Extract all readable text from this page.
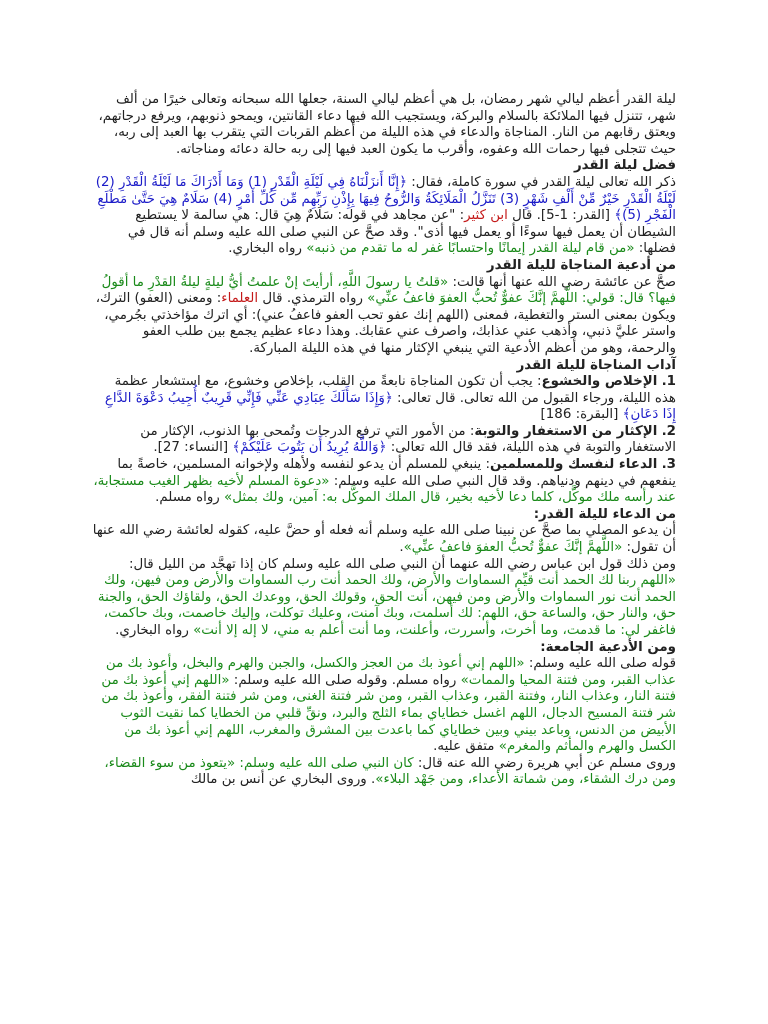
ليلة القدر أعظم ليالي شهر رمضان، بل هي أعظم ليالي السنة، جعلها الله سبحانه وتعالى خيرًا من ألف شهر، تتنزل فيها الملائكة بالسلام والبركة، ويستجيب الله فيها دعاء القانتين، ويمحو ذنوبهم، ويرفع درجاتهم، ويعتق رقابهم من النار. المناجاة والدعاء في هذه الليلة من أعظم القربات التي يتقرب بها العبد إلى ربه، حيث تتجلى فيها رحمات الله وعفوه، وأقرب ما يكون العبد فيها إلى ربه حالة دعائه ومناجاته.

فضل ليلة القدر

ذكر الله تعالى ليلة القدر في سورة كاملة، فقال: ﴿إِنَّا أَنزَلْنَاهُ فِي لَيْلَةِ الْقَدْرِ (1) وَمَا أَدْرَاكَ مَا لَيْلَةُ الْقَدْرِ (2) لَيْلَةُ الْقَدْرِ خَيْرٌ مِّنْ أَلْفِ شَهْرٍ (3) تَنَزَّلُ الْمَلَائِكَةُ وَالرُّوحُ فِيهَا بِإِذْنِ رَبِّهِم مِّن كُلِّ أَمْرٍ (4) سَلَامٌ هِيَ حَتَّىٰ مَطْلَعِ الْفَجْرِ (5)﴾ [القدر: 1-5]. قال ابن كثير: "عن مجاهد في قوله: سَلَامٌ هِيَ قال: هي سالمة لا يستطيع الشيطان أن يعمل فيها سوءًا أو يعمل فيها أذى". وقد صحَّ عن النبي صلى الله عليه وسلم أنه قال في فضلها: «من قام ليلة القدر إيمانًا واحتسابًا غفر له ما تقدم من ذنبه» رواه البخاري.

من أدعية المناجاة لليلة القدر

صحَّ عن عائشة رضي الله عنها أنها قالت: «قلتُ يا رسولَ اللَّهِ، أرأيتَ إنْ علمتُ أيُّ ليلةٍ ليلةُ القدْرِ ما أقولُ فيها؟ قال: قولي: اللَّهمَّ إنَّكَ عفوٌّ تُحبُّ العفوَ فاعفُ عنِّي» رواه الترمذي. قال العلماء: ومعنى (العفو) الترك، ويكون بمعنى الستر والتغطية، فمعنى (اللهم إنك عفو تحب العفو فاعفُ عني): أي اترك مؤاخذتي بجُرمي، واستر عليَّ ذنبي، وأذهب عني عذابك، واصرف عني عقابك. وهذا دعاء عظيم يجمع بين طلب العفو والرحمة، وهو من أعظم الأدعية التي ينبغي الإكثار منها في هذه الليلة المباركة.

آداب المناجاة لليلة القدر

1. الإخلاص والخشوع: يجب أن تكون المناجاة نابعةً من القلب، بإخلاص وخشوع، مع استشعار عظمة هذه الليلة، ورجاء القبول من الله تعالى. قال تعالى: ﴿وَإِذَا سَأَلَكَ عِبَادِي عَنِّي فَإِنِّي قَرِيبٌ أُجِيبُ دَعْوَةَ الدَّاعِ إِذَا دَعَانِ﴾ [البقرة: 186]

2. الإكثار من الاستغفار والتوبة: من الأمور التي ترفع الدرجات وتُمحى بها الذنوب، الإكثار من الاستغفار والتوبة في هذه الليلة، فقد قال الله تعالى: ﴿وَاللَّهُ يُرِيدُ أَن يَتُوبَ عَلَيْكُمْ﴾ [النساء: 27].

3. الدعاء لنفسك وللمسلمين: ينبغي للمسلم أن يدعو لنفسه ولأهله ولإخوانه المسلمين، خاصةً بما ينفعهم في دينهم ودنياهم. وقد قال النبي صلى الله عليه وسلم: «دعوة المسلم لأخيه بظهر الغيب مستجابة، عند رأسه ملك موكَّل، كلما دعا لأخيه بخير، قال الملك الموكَّل به: آمين، ولك بمثل» رواه مسلم.

من الدعاء لليلة القدر:

أن يدعو المصلي بما صحَّ عن نبينا صلى الله عليه وسلم أنه فعله أو حضَّ عليه، كقوله لعائشة رضي الله عنها أن تقول: «اللَّهمَّ إنَّكَ عفوٌّ تُحبُّ العفوَ فاعفُ عنِّي».

ومن ذلك قول ابن عباس رضي الله عنهما أن النبي صلى الله عليه وسلم كان إذا تهجَّد من الليل قال: «اللهم ربنا لك الحمد أنت قيِّم السماوات والأرض، ولك الحمد أنت رب السماوات والأرض ومن فيهن، ولك الحمد أنت نور السماوات والأرض ومن فيهن، أنت الحق، وقولك الحق، ووعدك الحق، ولقاؤك الحق، والجنة حق، والنار حق، والساعة حق، اللهم: لك أسلمت، وبك آمنت، وعليك توكلت، وإليك خاصمت، وبك حاكمت، فاغفر لي: ما قدمت، وما أخرت، وأسررت، وأعلنت، وما أنت أعلم به مني، لا إله إلا أنت» رواه البخاري.

ومن الأدعية الجامعة:

قوله صلى الله عليه وسلم: «اللهم إني أعوذ بك من العجز والكسل، والجبن والهرم والبخل، وأعوذ بك من عذاب القبر، ومن فتنة المحيا والممات» رواه مسلم. وقوله صلى الله عليه وسلم: «اللهم إني أعوذ بك من فتنة النار، وعذاب النار، وفتنة القبر، وعذاب القبر، ومن شر فتنة الغنى، ومن شر فتنة الفقر، وأعوذ بك من شر فتنة المسيح الدجال، اللهم اغسل خطاياي بماء الثلج والبرد، ونقِّ قلبي من الخطايا كما نقيت الثوب الأبيض من الدنس، وباعد بيني وبين خطاياي كما باعدت بين المشرق والمغرب، اللهم إني أعوذ بك من الكسل والهرم والمأثم والمغرم» متفق عليه.

وروى مسلم عن أبي هريرة رضي الله عنه قال: كان النبي صلى الله عليه وسلم: «يتعوذ من سوء القضاء، ومن درك الشقاء، ومن شماتة الأعداء، ومن جَهْد البلاء». وروى البخاري عن أنس بن مالك
